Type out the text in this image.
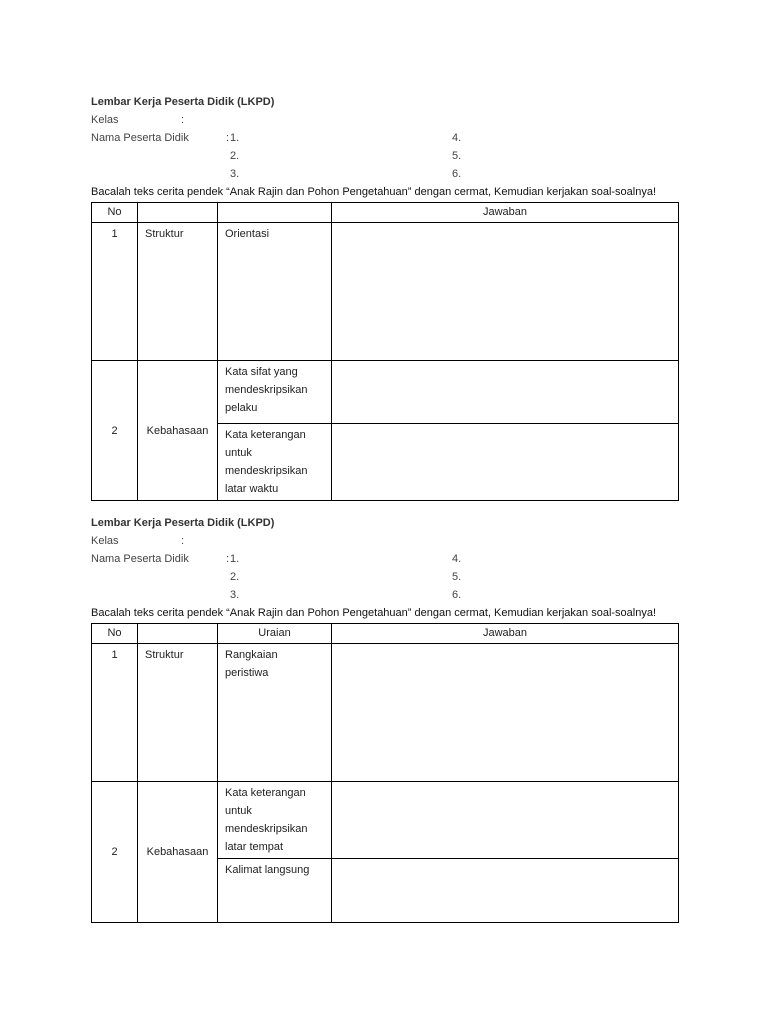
Lembar Kerja Peserta Didik (LKPD)
Kelas	:
Nama Peserta Didik	: 1.
2.
3.
4.
5.
6.
Bacalah teks cerita pendek “Anak Rajin dan Pohon Pengetahuan” dengan cermat, Kemudian kerjakan soal-soalnya!
No			Jawaban

1	Struktur	Orientasi	

2	Kebahasaan	Kata sifat yang
mendeskripsikan
pelaku	

		Kata keterangan
untuk
mendeskripsikan
latar waktu	

Lembar Kerja Peserta Didik (LKPD)
Kelas	:
Nama Peserta Didik	: 1.
2.
3.
4.
5.
6.
Bacalah teks cerita pendek “Anak Rajin dan Pohon Pengetahuan” dengan cermat, Kemudian kerjakan soal-soalnya!
No		Uraian	Jawaban

1	Struktur	Rangkaian
peristiwa	

2	Kebahasaan	Kata keterangan
untuk
mendeskripsikan
latar tempat	

		Kalimat langsung	
